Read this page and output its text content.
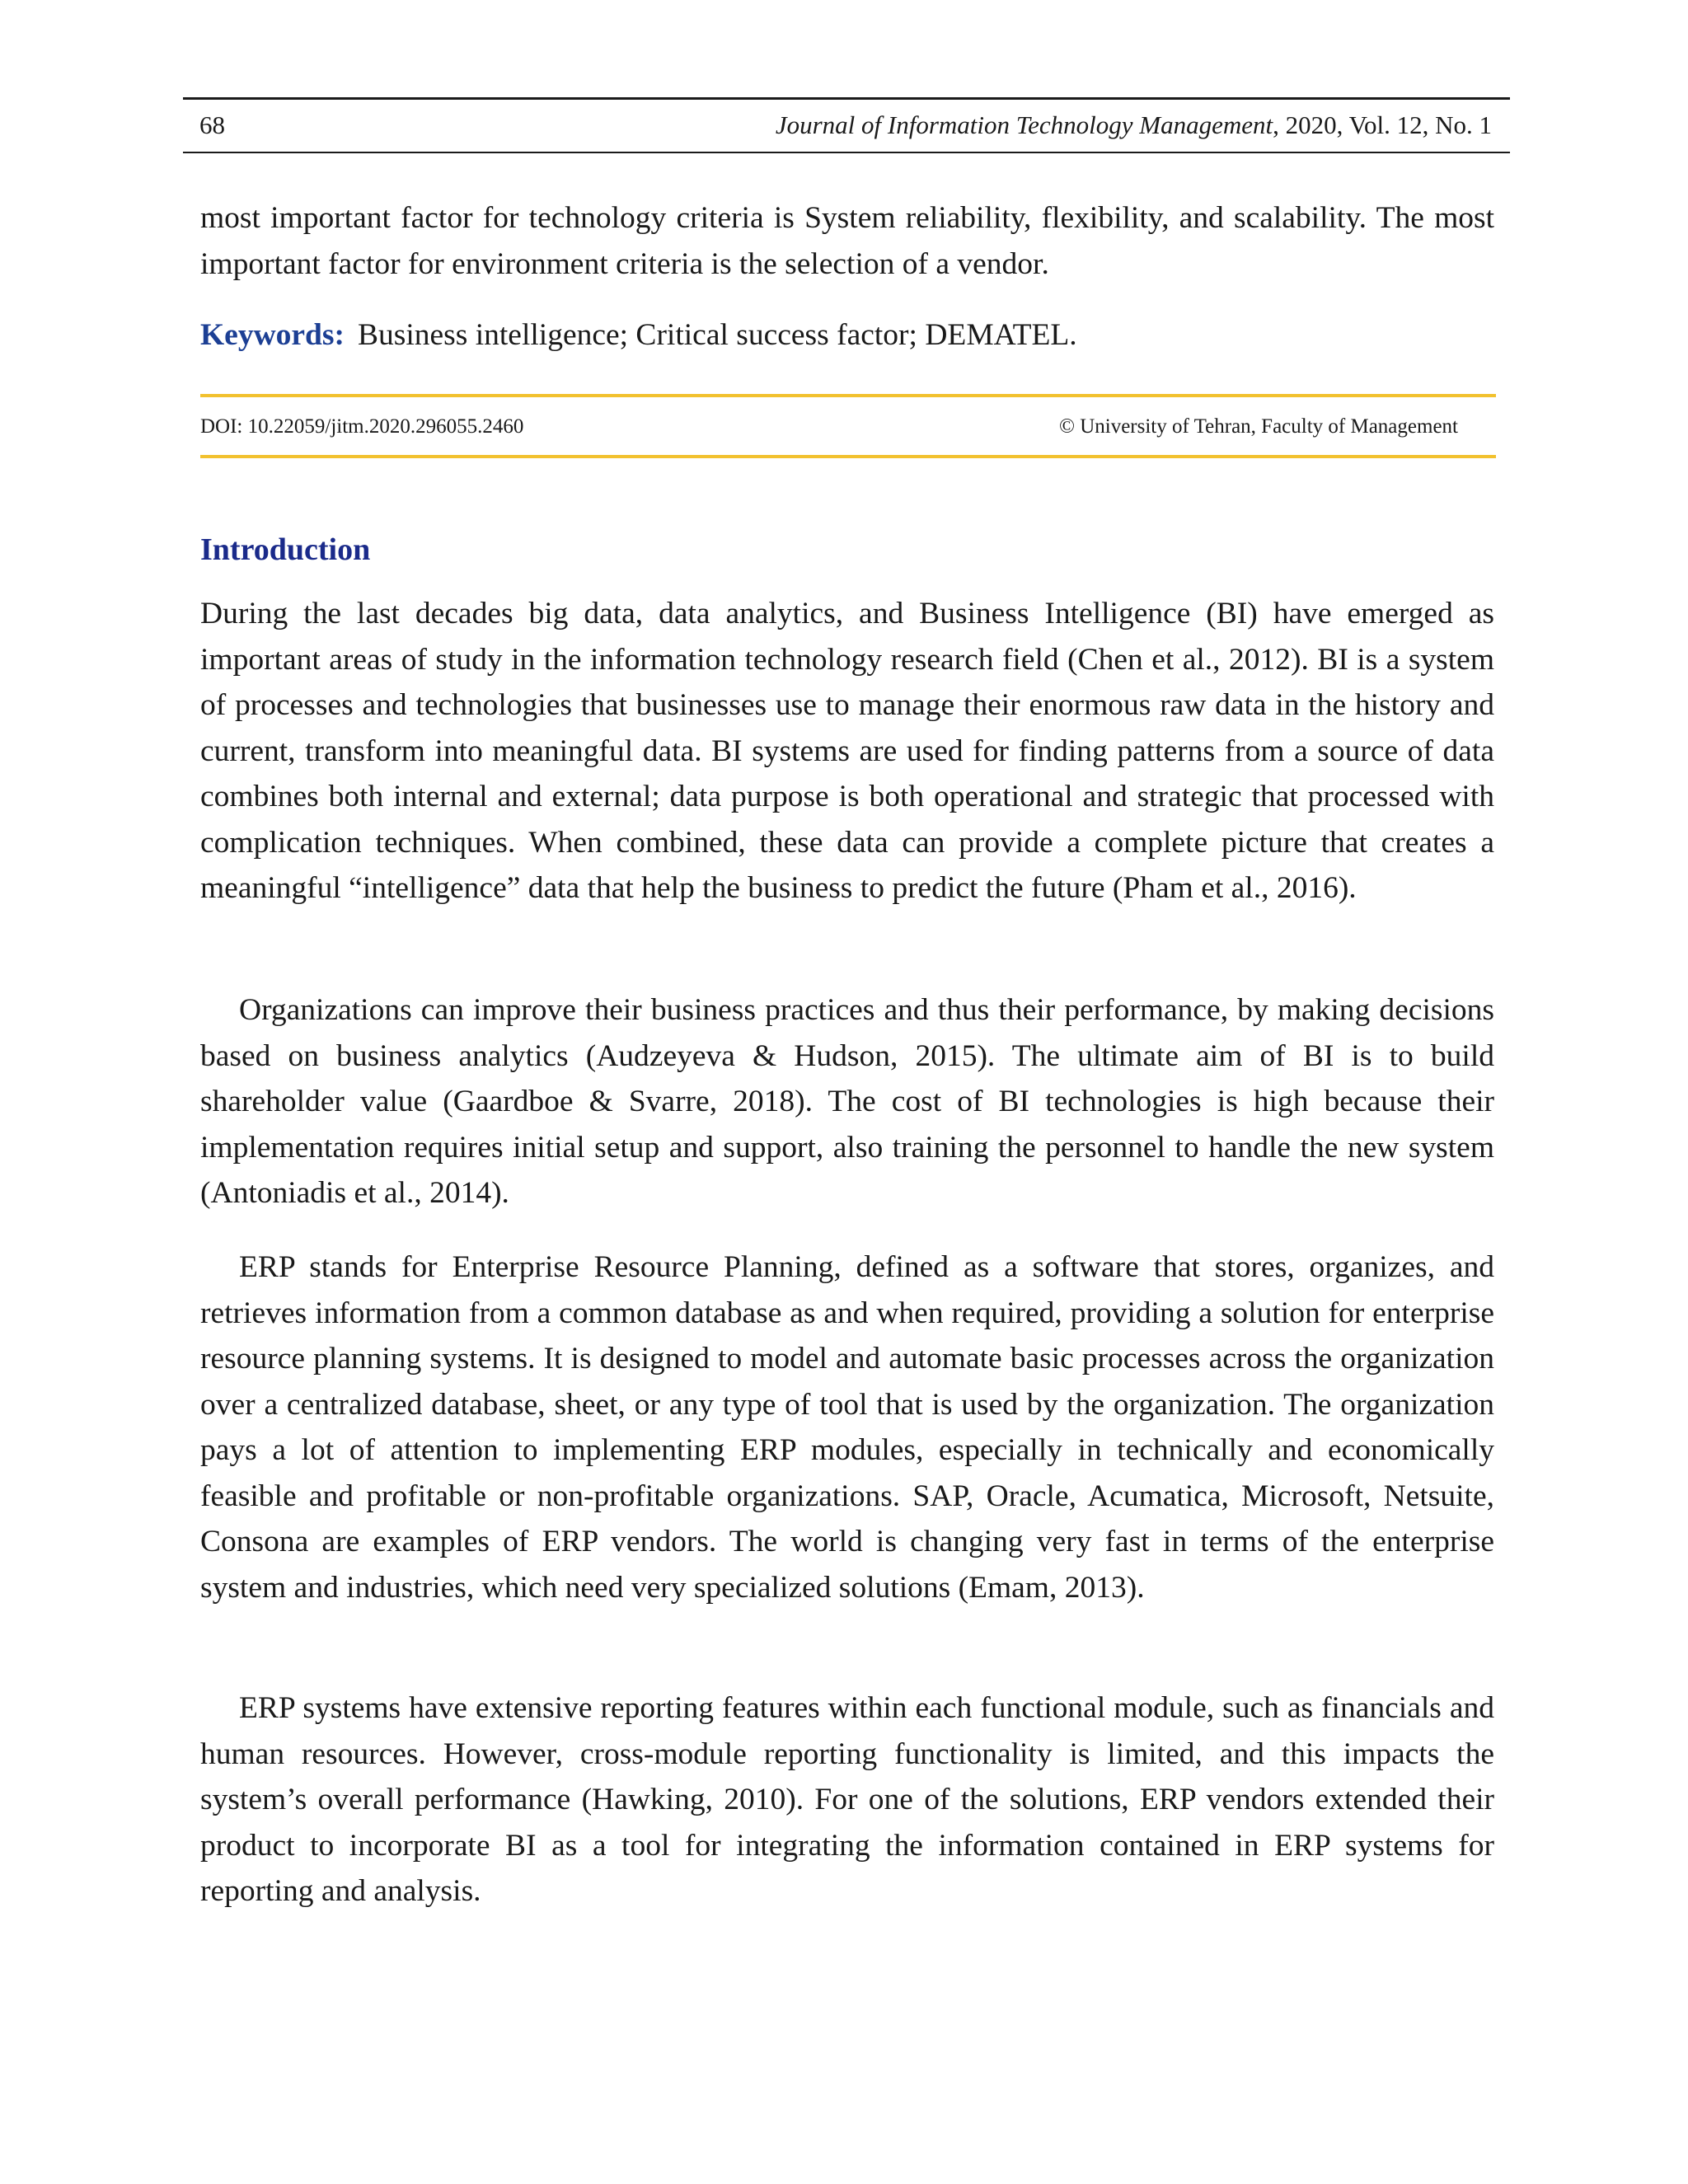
68	Journal of Information Technology Management, 2020, Vol. 12, No. 1

most important factor for technology criteria is System reliability, flexibility, and scalability. The most important factor for environment criteria is the selection of a vendor.

Keywords: Business intelligence; Critical success factor; DEMATEL.
DOI: 10.22059/jitm.2020.296055.2460	© University of Tehran, Faculty of Management
Introduction

During the last decades big data, data analytics, and Business Intelligence (BI) have emerged as important areas of study in the information technology research field (Chen et al., 2012). BI is a system of processes and technologies that businesses use to manage their enormous raw data in the history and current, transform into meaningful data. BI systems are used for finding patterns from a source of data combines both internal and external; data purpose is both operational and strategic that processed with complication techniques. When combined, these data can provide a complete picture that creates a meaningful “intelligence” data that help the business to predict the future (Pham et al., 2016).

Organizations can improve their business practices and thus their performance, by making decisions based on business analytics (Audzeyeva & Hudson, 2015). The ultimate aim of BI is to build shareholder value (Gaardboe & Svarre, 2018). The cost of BI technologies is high because their implementation requires initial setup and support, also training the personnel to handle the new system (Antoniadis et al., 2014).

ERP stands for Enterprise Resource Planning, defined as a software that stores, organizes, and retrieves information from a common database as and when required, providing a solution for enterprise resource planning systems. It is designed to model and automate basic processes across the organization over a centralized database, sheet, or any type of tool that is used by the organization. The organization pays a lot of attention to implementing ERP modules, especially in technically and economically feasible and profitable or non-profitable organizations. SAP, Oracle, Acumatica, Microsoft, Netsuite, Consona are examples of ERP vendors. The world is changing very fast in terms of the enterprise system and industries, which need very specialized solutions (Emam, 2013).

ERP systems have extensive reporting features within each functional module, such as financials and human resources. However, cross-module reporting functionality is limited, and this impacts the system’s overall performance (Hawking, 2010). For one of the solutions, ERP vendors extended their product to incorporate BI as a tool for integrating the information contained in ERP systems for reporting and analysis.
